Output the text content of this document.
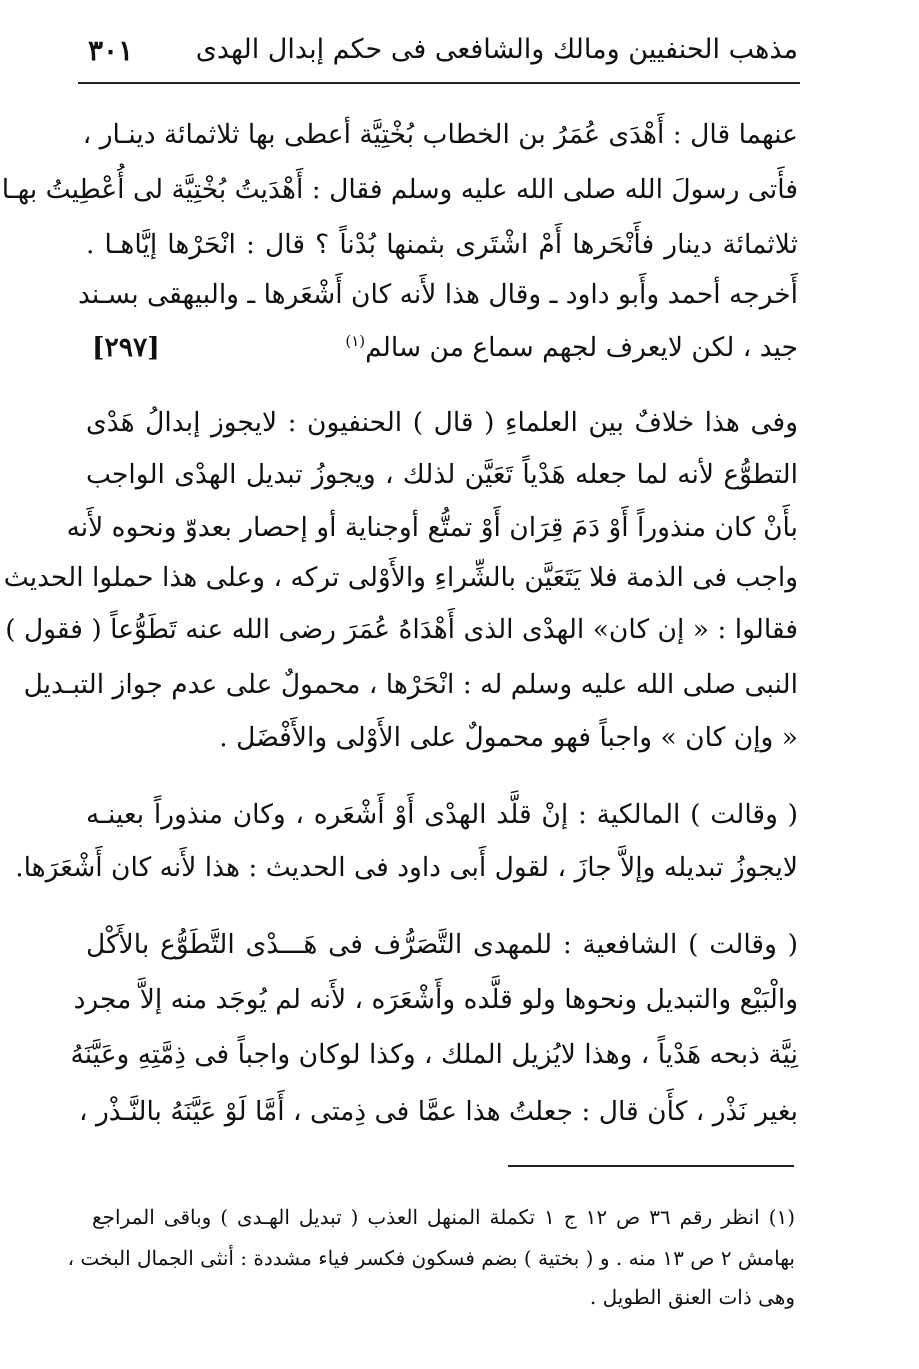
مذهب الحنفيين ومالك والشافعى فى حكم إبدال الهدى
٣٠١
عنهما قال : أَهْدَى عُمَرُ بن الخطاب بُخْتِيَّة أعطى بها ثلاثمائة دينـار ،
فأَتى رسولَ الله صلى الله عليه وسلم فقال : أَهْدَيتُ بُخْتِيَّة لى أُعْطِيتُ بهـا
ثلاثمائة دينار فأَنْحَرها أَمْ اشْتَرى بثمنها بُدْناً ؟ قال : انْحَرْها إيَّاهـا .
أَخرجه أحمد وأَبو داود ـ وقال هذا لأَنه كان أَشْعَرها ـ والبيهقى بسـند
جيد ، لكن لايعرف لجهم سماع من سالم$^{(١)}$
[٢٩٧]
وفى هذا خلافٌ بين العلماءِ ( قال ) الحنفيون : لايجوز إبدالُ هَدْى
التطوُّع لأنه لما جعله هَدْياً تَعَيَّن لذلك ، ويجوزُ تبديل الهدْى الواجب
بأَنْ كان منذوراً أَوْ دَمَ قِرَان أَوْ تمتُّع أوجناية أو إحصار بعدوّ ونحوه لأَنه
واجب فى الذمة فلا يَتَعَيَّن بالشِّراءِ والأَوْلى تركه ، وعلى هذا حملوا الحديث
فقالوا : « إن كان» الهدْى الذى أَهْدَاهُ عُمَرَ رضى الله عنه تَطَوُّعاً ( فقول )
النبى صلى الله عليه وسلم له : انْحَرْها ، محمولٌ على عدم جواز التبـديل
« وإن كان » واجباً فهو محمولٌ على الأَوْلى والأَفْضَل .
( وقالت ) المالكية : إنْ قلَّد الهدْى أَوْ أَشْعَره ، وكان منذوراً بعينـه
لايجوزُ تبديله وإلاَّ جازَ ، لقول أَبى داود فى الحديث : هذا لأَنه كان أَشْعَرَها.
( وقالت ) الشافعية : للمهدى التَّصَرُّف فى هَـــدْى التَّطَوُّع بالأَكْل
والْبَيْع والتبديل ونحوها ولو قلَّده وأَشْعَرَه ، لأَنه لم يُوجَد منه إلاَّ مجرد
نِيَّة ذبحه هَدْياً ، وهذا لايُزيل الملك ، وكذا لوكان واجباً فى ذِمَّتِهِ وعَيَّنَهُ
بغير نَذْر ، كأَن قال : جعلتُ هذا عمَّا فى ذِمتى ، أَمَّا لَوْ عَيَّنَهُ بالنَّـذْر ،
(١) انظر رقم ٣٦ ص ١٢ ج ١ تكملة المنهل العذب ( تبديل الهـدى ) وباقى المراجع
بهامش ٢ ص ١٣ منه . و ( بختية ) بضم فسكون فكسر فياء مشددة : أنثى الجمال البخت ،
وهى ذات العنق الطويل .
